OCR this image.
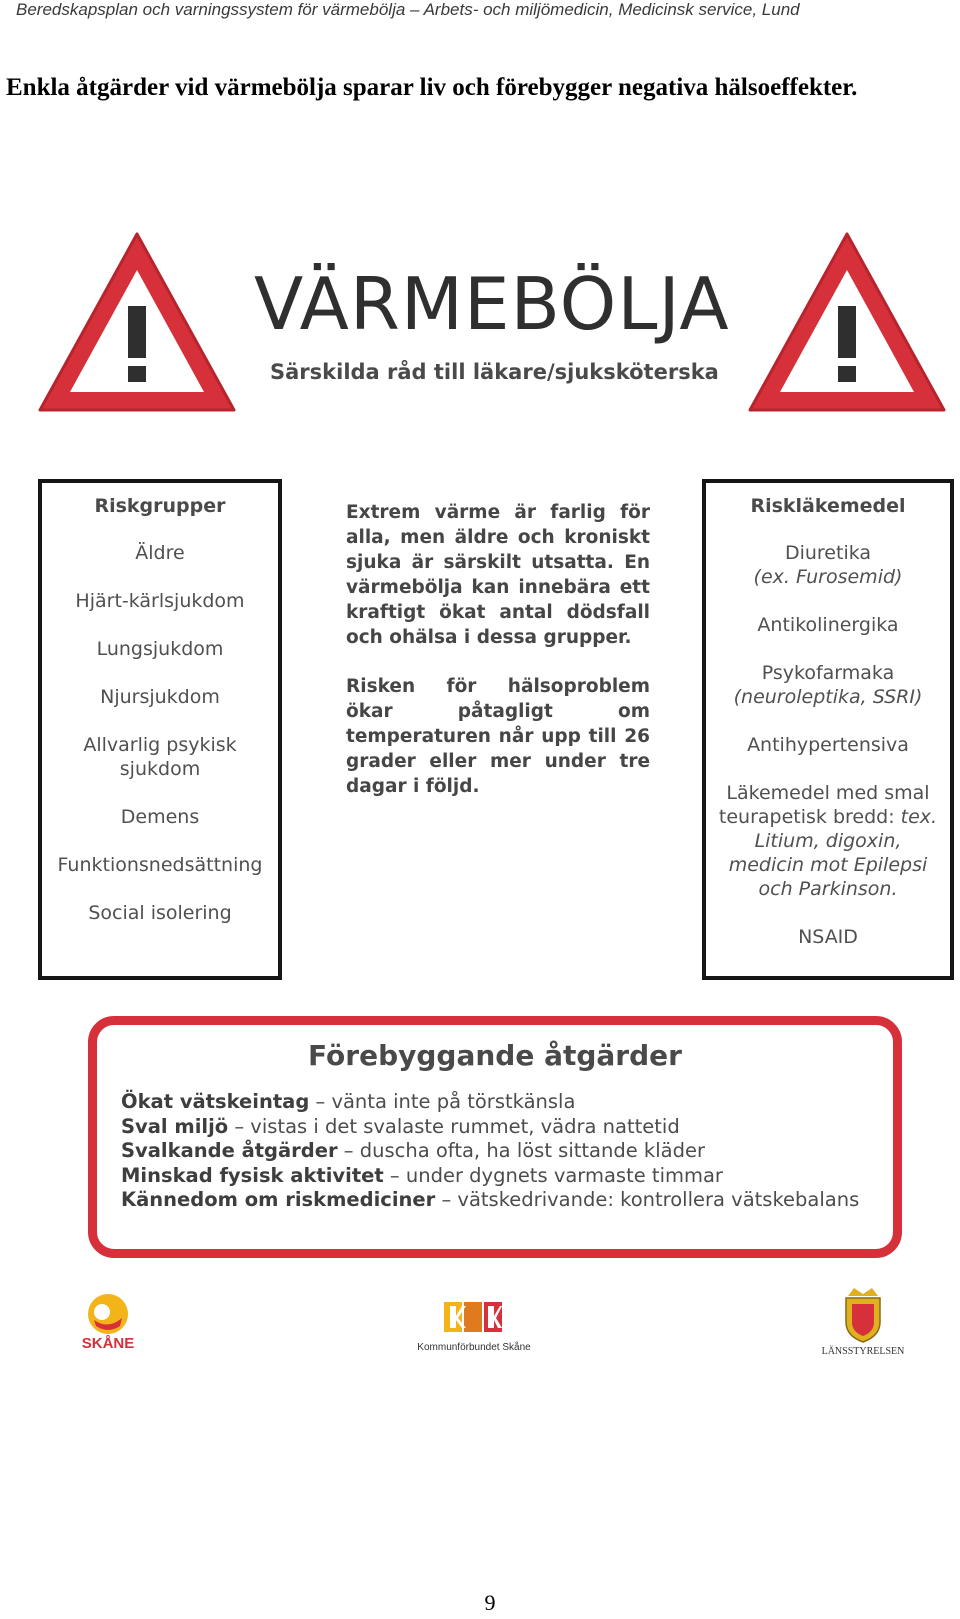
Beredskapsplan och varningssystem för värmebölja – Arbets- och miljömedicin, Medicinsk service, Lund
Enkla åtgärder vid värmebölja sparar liv och förebygger negativa hälsoeffekter.
VÄRMEBÖLJA
Särskilda råd till läkare/sjuksköterska
Riskgrupper
Äldre
Hjärt-kärlsjukdom
Lungsjukdom
Njursjukdom
Allvarlig psykisk sjukdom
Demens
Funktionsnedsättning
Social isolering

Extrem värme är farlig för alla, men äldre och kroniskt sjuka är särskilt utsatta. En värmebölja kan innebära ett kraftigt ökat antal dödsfall och ohälsa i dessa grupper.

Risken för hälsoproblem ökar påtagligt om temperaturen når upp till 26 grader eller mer under tre dagar i följd.

Riskläkemedel
Diuretika
(ex. Furosemid)
Antikolinergika
Psykofarmaka
(neuroleptika, SSRI)
Antihypertensiva
Läkemedel med smal teurapetisk bredd: tex. Litium, digoxin, medicin mot Epilepsi och Parkinson.
NSAID
Förebyggande åtgärder
Ökat vätskeintag – vänta inte på törstkänsla
Sval miljö – vistas i det svalaste rummet, vädra nattetid
Svalkande åtgärder – duscha ofta, ha löst sittande kläder
Minskad fysisk aktivitet – under dygnets varmaste timmar
Kännedom om riskmediciner – vätskedrivande: kontrollera vätskebalans
SKÅNE	Kommunförbundet Skåne	LÄNSSTYRELSEN
9
